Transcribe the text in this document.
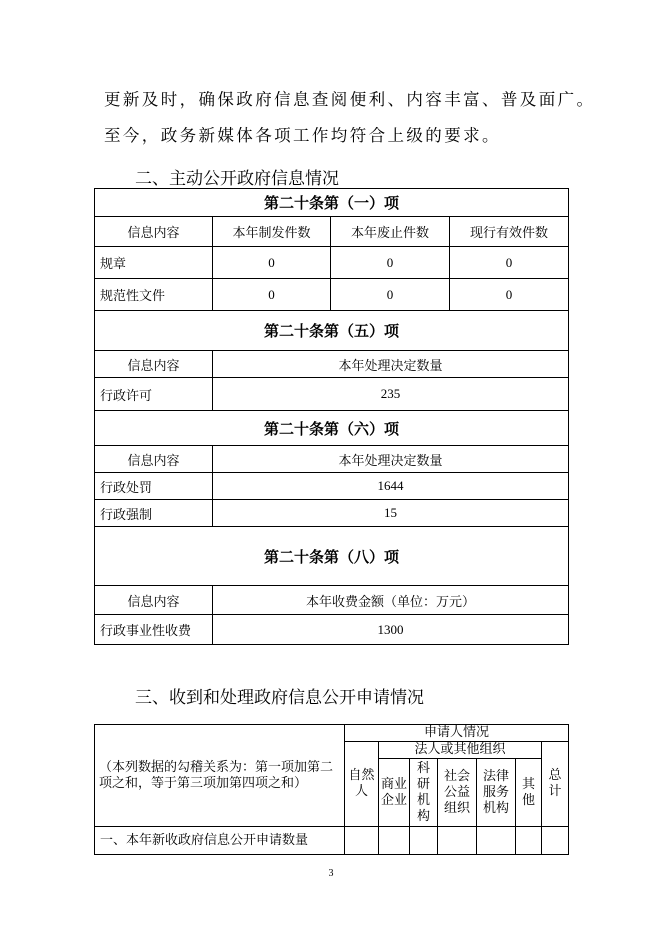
更新及时，确保政府信息查阅便利、内容丰富、普及面广。
至今，政务新媒体各项工作均符合上级的要求。
二、主动公开政府信息情况
第二十条第（一）项			
信息内容	本年制发件数	本年废止件数	现行有效件数
规章	0	0	0
规范性文件	0	0	0
第二十条第（五）项			
信息内容	本年处理决定数量		
行政许可	235		
第二十条第（六）项			
信息内容	本年处理决定数量		
行政处罚	1644		
行政强制	15		
第二十条第（八）项			
信息内容	本年收费金额（单位：万元）		
行政事业性收费	1300		
三、收到和处理政府信息公开申请情况
（本列数据的勾稽关系为：第一项加第二项之和，等于第三项加第四项之和）	申请人情况						
	自然人	法人或其他组织					总计
		商业企业	科研机构	社会公益组织	法律服务机构	其他	
一、本年新收政府信息公开申请数量							
3
